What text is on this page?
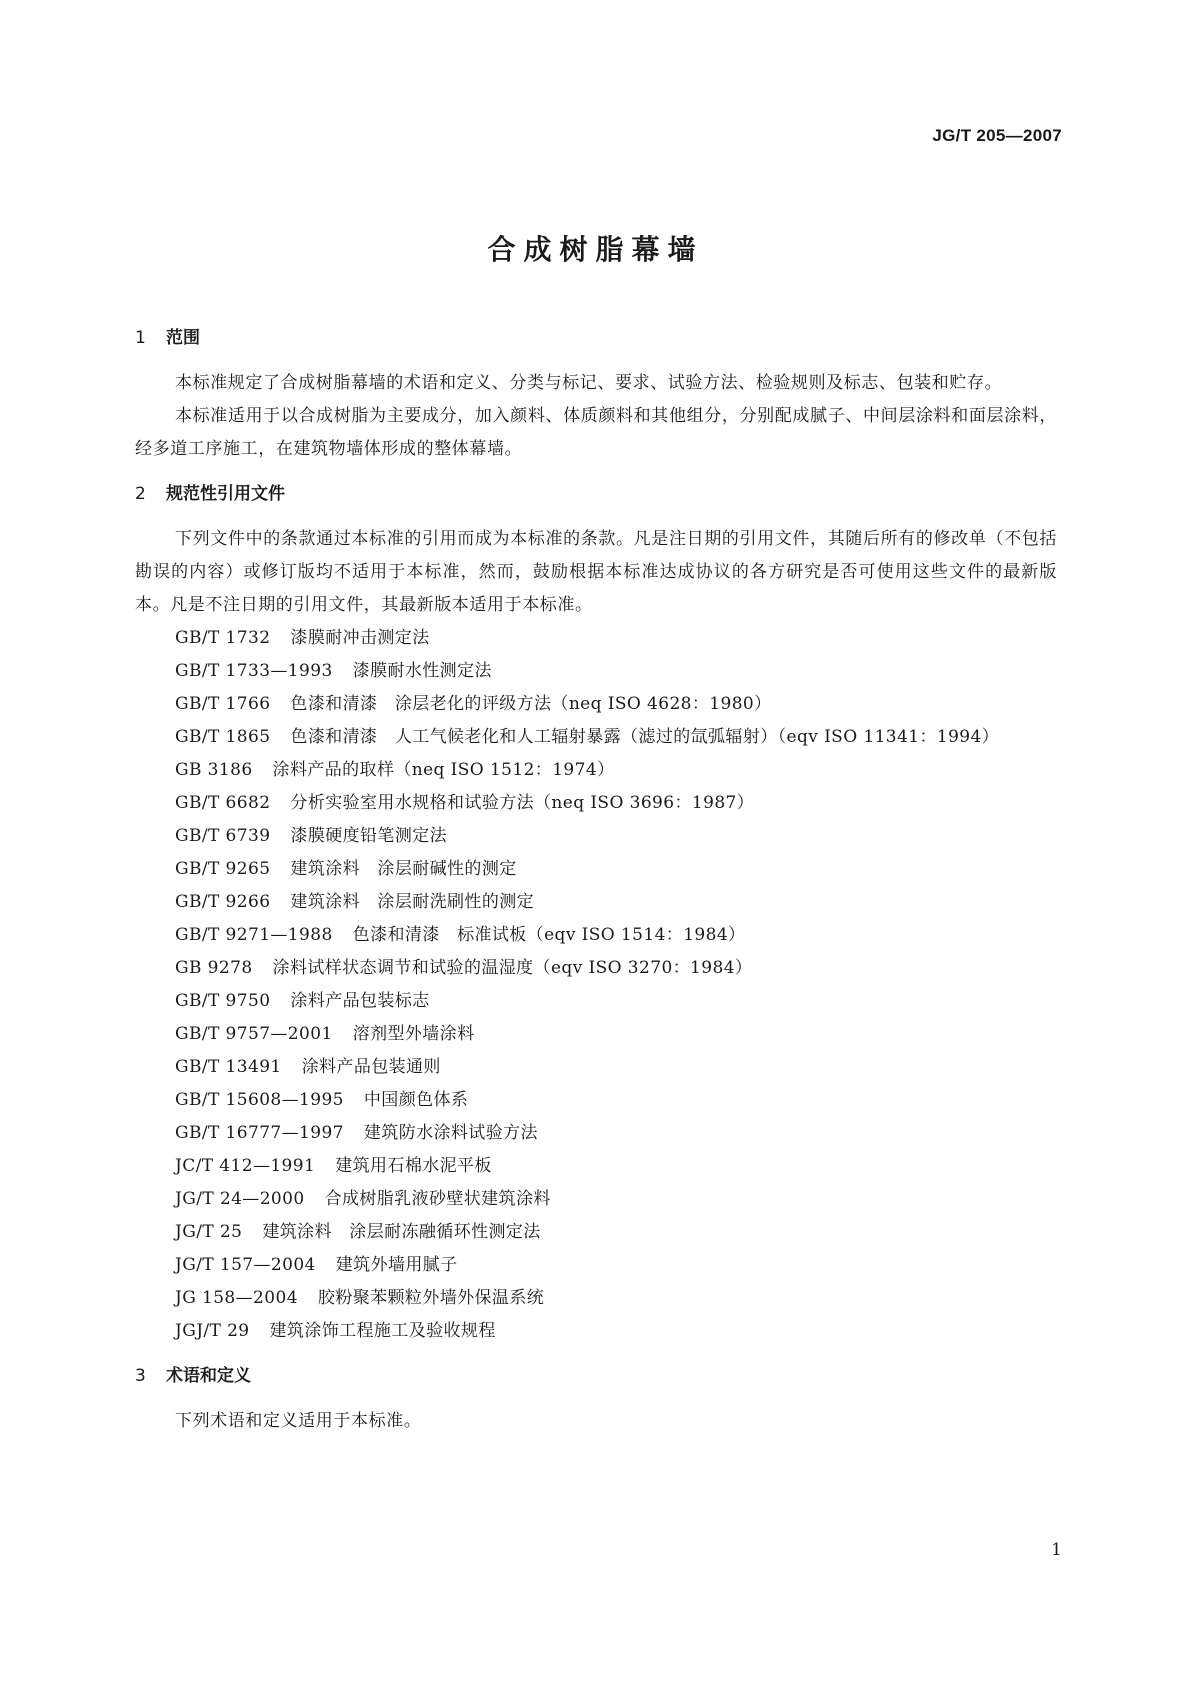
JG/T 205—2007
合成树脂幕墙
1 范围

本标准规定了合成树脂幕墙的术语和定义、分类与标记、要求、试验方法、检验规则及标志、包装和贮存。

本标准适用于以合成树脂为主要成分，加入颜料、体质颜料和其他组分，分别配成腻子、中间层涂料和面层涂料，经多道工序施工，在建筑物墙体形成的整体幕墙。

2 规范性引用文件

下列文件中的条款通过本标准的引用而成为本标准的条款。凡是注日期的引用文件，其随后所有的修改单（不包括勘误的内容）或修订版均不适用于本标准，然而，鼓励根据本标准达成协议的各方研究是否可使用这些文件的最新版本。凡是不注日期的引用文件，其最新版本适用于本标准。

GB/T 1732 漆膜耐冲击测定法
GB/T 1733—1993 漆膜耐水性测定法
GB/T 1766 色漆和清漆　涂层老化的评级方法（neq ISO 4628：1980）
GB/T 1865 色漆和清漆　人工气候老化和人工辐射暴露（滤过的氙弧辐射）（eqv ISO 11341：1994）
GB 3186 涂料产品的取样（neq ISO 1512：1974）
GB/T 6682 分析实验室用水规格和试验方法（neq ISO 3696：1987）
GB/T 6739 漆膜硬度铅笔测定法
GB/T 9265 建筑涂料　涂层耐碱性的测定
GB/T 9266 建筑涂料　涂层耐洗刷性的测定
GB/T 9271—1988 色漆和清漆　标准试板（eqv ISO 1514：1984）
GB 9278 涂料试样状态调节和试验的温湿度（eqv ISO 3270：1984）
GB/T 9750 涂料产品包装标志
GB/T 9757—2001 溶剂型外墙涂料
GB/T 13491 涂料产品包装通则
GB/T 15608—1995 中国颜色体系
GB/T 16777—1997 建筑防水涂料试验方法
JC/T 412—1991 建筑用石棉水泥平板
JG/T 24—2000 合成树脂乳液砂壁状建筑涂料
JG/T 25 建筑涂料　涂层耐冻融循环性测定法
JG/T 157—2004 建筑外墙用腻子
JG 158—2004 胶粉聚苯颗粒外墙外保温系统
JGJ/T 29 建筑涂饰工程施工及验收规程
3 术语和定义

下列术语和定义适用于本标准。

1
